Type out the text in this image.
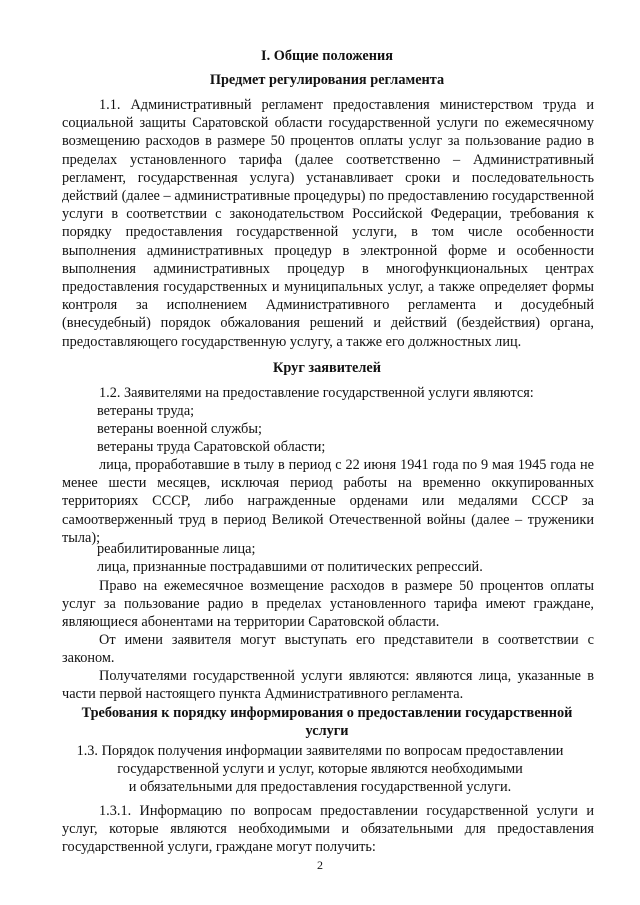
I. Общие положения

Предмет регулирования регламента

1.1. Административный регламент предоставления министерством труда и социальной защиты Саратовской области государственной услуги по ежемесячному возмещению расходов в размере 50 процентов оплаты услуг за пользование радио в пределах установленного тарифа (далее соответственно – Административный регламент, государственная услуга) устанавливает сроки и последовательность действий (далее – административные процедуры) по предоставлению государственной услуги в соответствии с законодательством Российской Федерации, требования к порядку предоставления государственной услуги, в том числе особенности выполнения административных процедур в электронной форме и особенности выполнения административных процедур в многофункциональных центрах предоставления государственных и муниципальных услуг, а также определяет формы контроля за исполнением Административного регламента и досудебный (внесудебный) порядок обжалования решений и действий (бездействия) органа, предоставляющего государственную услугу, а также его должностных лиц.

Круг заявителей

1.2. Заявителями на предоставление государственной услуги являются:

ветераны труда;

ветераны военной службы;

ветераны труда Саратовской области;

лица, проработавшие в тылу в период с 22 июня 1941 года по 9 мая 1945 года не менее шести месяцев, исключая период работы на временно оккупированных территориях СССР, либо награжденные орденами или медалями СССР за самоотверженный труд в период Великой Отечественной войны (далее – труженики тыла);

реабилитированные лица;

лица, признанные пострадавшими от политических репрессий.

Право на ежемесячное возмещение расходов в размере 50 процентов оплаты услуг за пользование радио в пределах установленного тарифа имеют граждане, являющиеся абонентами на территории Саратовской области.

От имени заявителя могут выступать его представители в соответствии с законом.

Получателями государственной услуги являются: являются лица, указанные в части первой настоящего пункта Административного регламента.

Требования к порядку информирования о предоставлении государственной услуги

1.3. Порядок получения информации заявителями по вопросам предоставлении

государственной услуги и услуг, которые являются необходимыми

и обязательными для предоставления государственной услуги.

1.3.1. Информацию по вопросам предоставлении государственной услуги и услуг, которые являются необходимыми и обязательными для предоставления государственной услуги, граждане могут получить:

2
